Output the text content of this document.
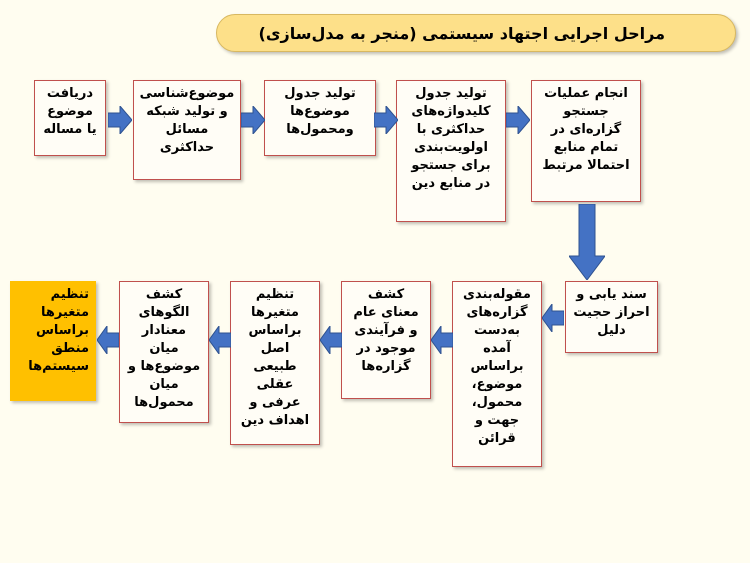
مراحل اجرایی اجتهاد سیستمی (منجر به مدل‌سازی)
دریافت موضوع یا مساله
موضوع‌شناسی و تولید شبکه مسائل حداکثری
تولید جدول موضوع‌ها ومحمول‌ها
تولید جدول کلیدواژه‌های حداکثری با اولویت‌بندی برای جستجو در منابع دین
انجام عملیات جستجو گزاره‌ای در تمام منابع احتمالا مرتبط
سند یابی و احراز حجیت دلیل
مقوله‌بندی گزاره‌های به‌دست آمده براساس موضوع، محمول، جهت و قرائن
کشف معنای عام و فرآیندی موجود در گزاره‌ها
تنظیم متغیرها براساس اصل طبیعی عقلی عرفی و اهداف دین
کشف الگوهای معنادار میان موضوع‌ها و میان محمول‌ها
تنظیم متغیرها براساس منطق سیستم‌ها
